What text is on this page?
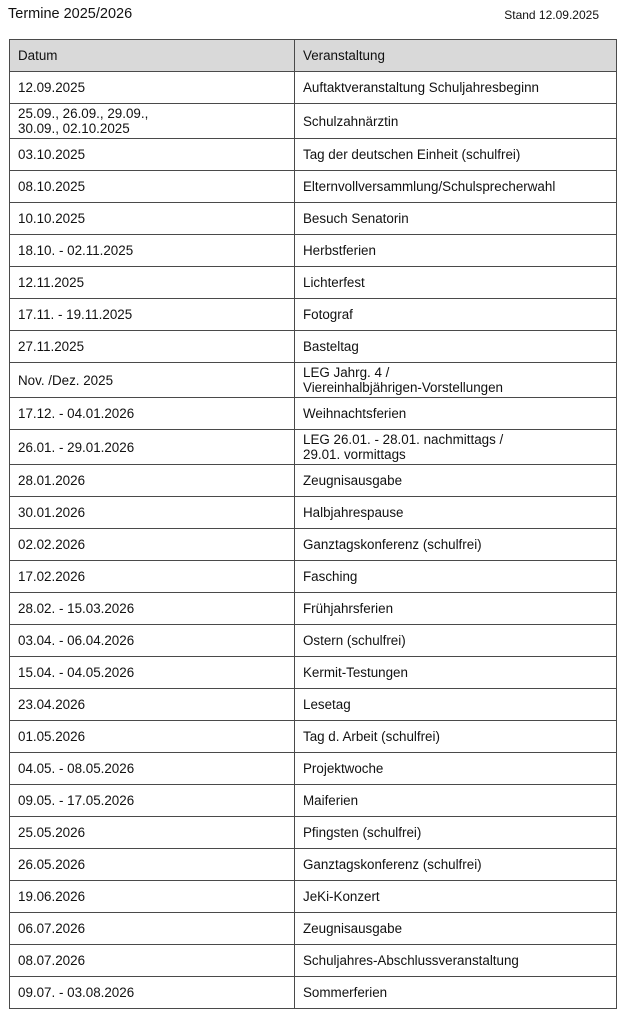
Termine 2025/2026	Stand 12.09.2025
Datum	Veranstaltung
12.09.2025	Auftaktveranstaltung Schuljahresbeginn
25.09., 26.09., 29.09.,
30.09., 02.10.2025	Schulzahnärztin
03.10.2025	Tag der deutschen Einheit (schulfrei)
08.10.2025	Elternvollversammlung/Schulsprecherwahl
10.10.2025	Besuch Senatorin
18.10. - 02.11.2025	Herbstferien
12.11.2025	Lichterfest
17.11. - 19.11.2025	Fotograf
27.11.2025	Basteltag
Nov. /Dez. 2025	LEG Jahrg. 4 /
Viereinhalbjährigen-Vorstellungen
17.12. - 04.01.2026	Weihnachtsferien
26.01. - 29.01.2026	LEG 26.01. - 28.01. nachmittags /
29.01. vormittags
28.01.2026	Zeugnisausgabe
30.01.2026	Halbjahrespause
02.02.2026	Ganztagskonferenz (schulfrei)
17.02.2026	Fasching
28.02. - 15.03.2026	Frühjahrsferien
03.04. - 06.04.2026	Ostern (schulfrei)
15.04. - 04.05.2026	Kermit-Testungen
23.04.2026	Lesetag
01.05.2026	Tag d. Arbeit (schulfrei)
04.05. - 08.05.2026	Projektwoche
09.05. - 17.05.2026	Maiferien
25.05.2026	Pfingsten (schulfrei)
26.05.2026	Ganztagskonferenz (schulfrei)
19.06.2026	JeKi-Konzert
06.07.2026	Zeugnisausgabe
08.07.2026	Schuljahres-Abschlussveranstaltung
09.07. - 03.08.2026	Sommerferien
